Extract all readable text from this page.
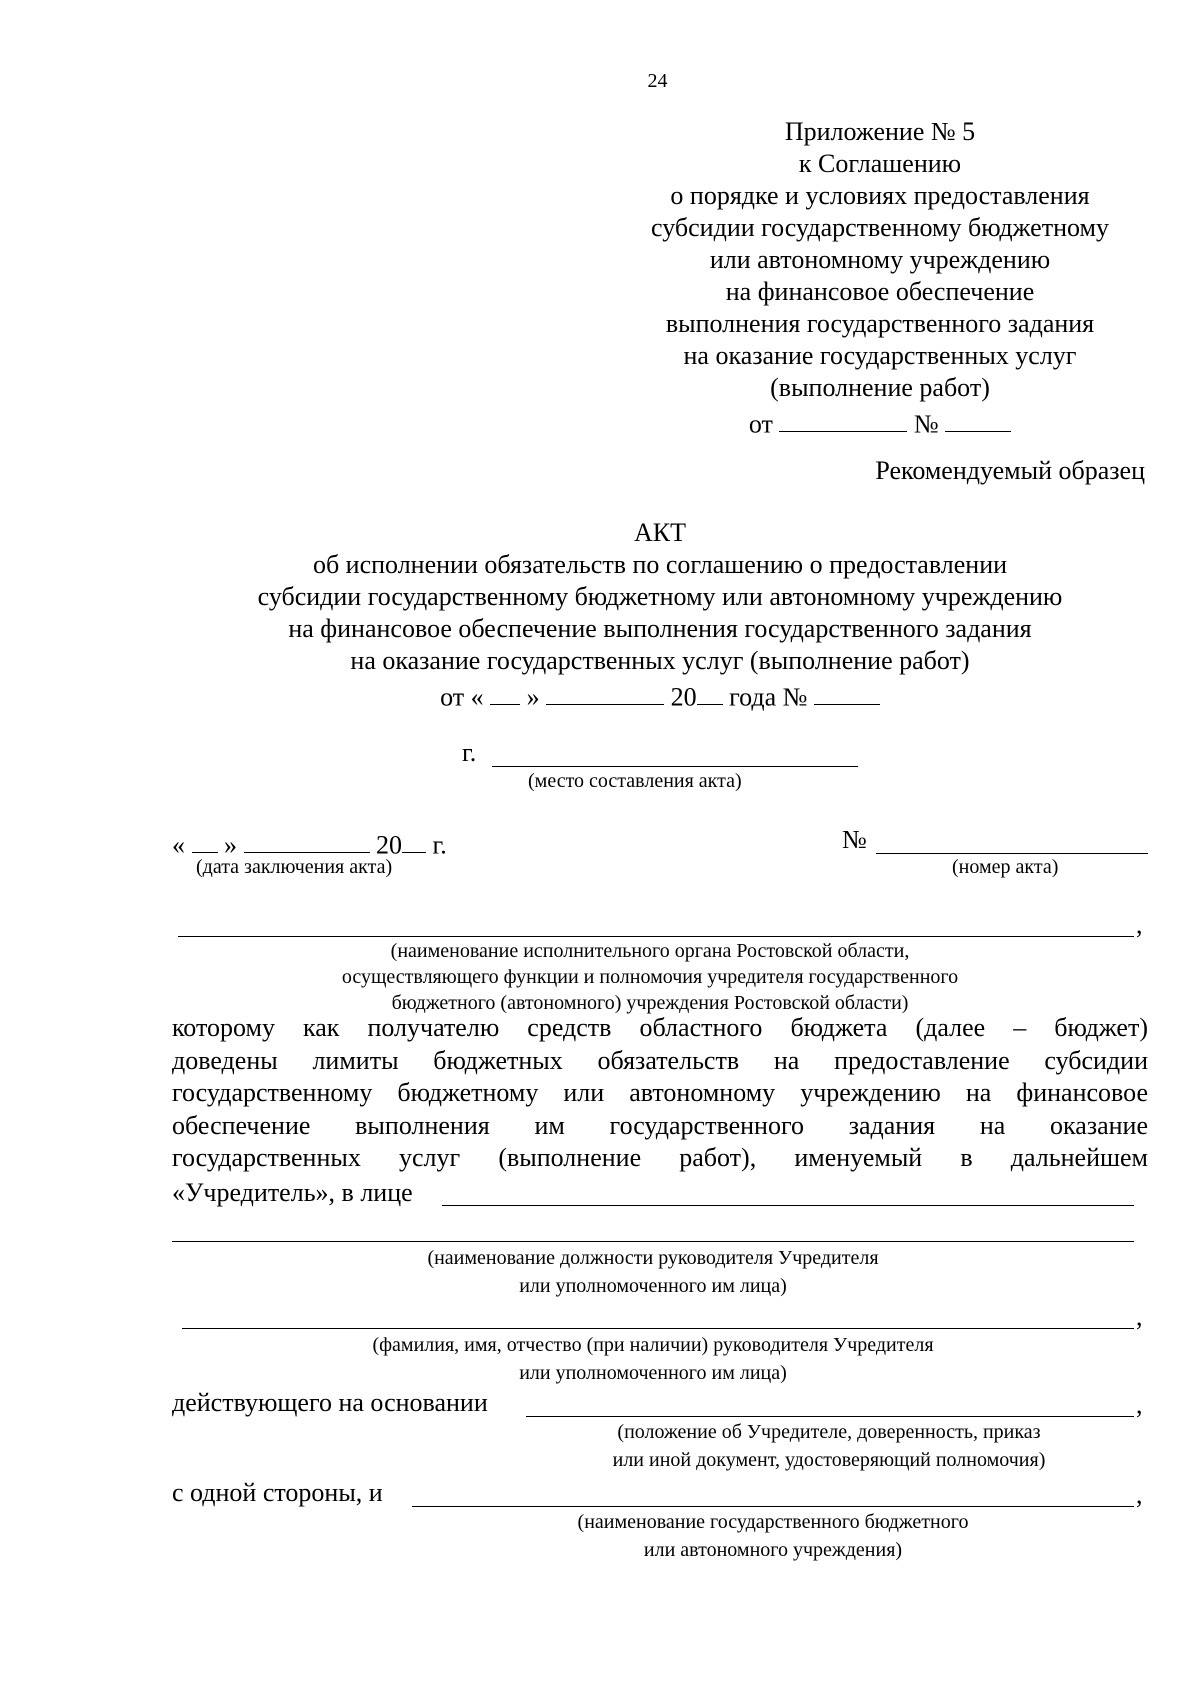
24
Приложение № 5
к Соглашению
о порядке и условиях предоставления
субсидии государственному бюджетному
или автономному учреждению
на финансовое обеспечение
выполнения государственного задания
на оказание государственных услуг
(выполнение работ)
от	№
Рекомендуемый образец
АКТ
об исполнении обязательств по соглашению о предоставлении
субсидии государственному бюджетному или автономному учреждению
на финансовое обеспечение выполнения государственного задания
на оказание государственных услуг (выполнение работ)
от « »	20 года №
г.
(место составления акта)
« »	20 г.
(дата заключения акта)
№
(номер акта)
,
(наименование исполнительного органа Ростовской области,
осуществляющего функции и полномочия учредителя государственного
бюджетного (автономного) учреждения Ростовской области)
которому как получателю средств областного бюджета (далее – бюджет)
доведены лимиты бюджетных обязательств на предоставление субсидии
государственному бюджетному или автономному учреждению на финансовое
обеспечение выполнения им государственного задания на оказание
государственных услуг (выполнение работ), именуемый в дальнейшем
«Учредитель», в лице
(наименование должности руководителя Учредителя
или уполномоченного им лица)
,
(фамилия, имя, отчество (при наличии) руководителя Учредителя
или уполномоченного им лица)
действующего на основании	,
(положение об Учредителе, доверенность, приказ
или иной документ, удостоверяющий полномочия)
с одной стороны, и	,
(наименование государственного бюджетного
или автономного учреждения)
